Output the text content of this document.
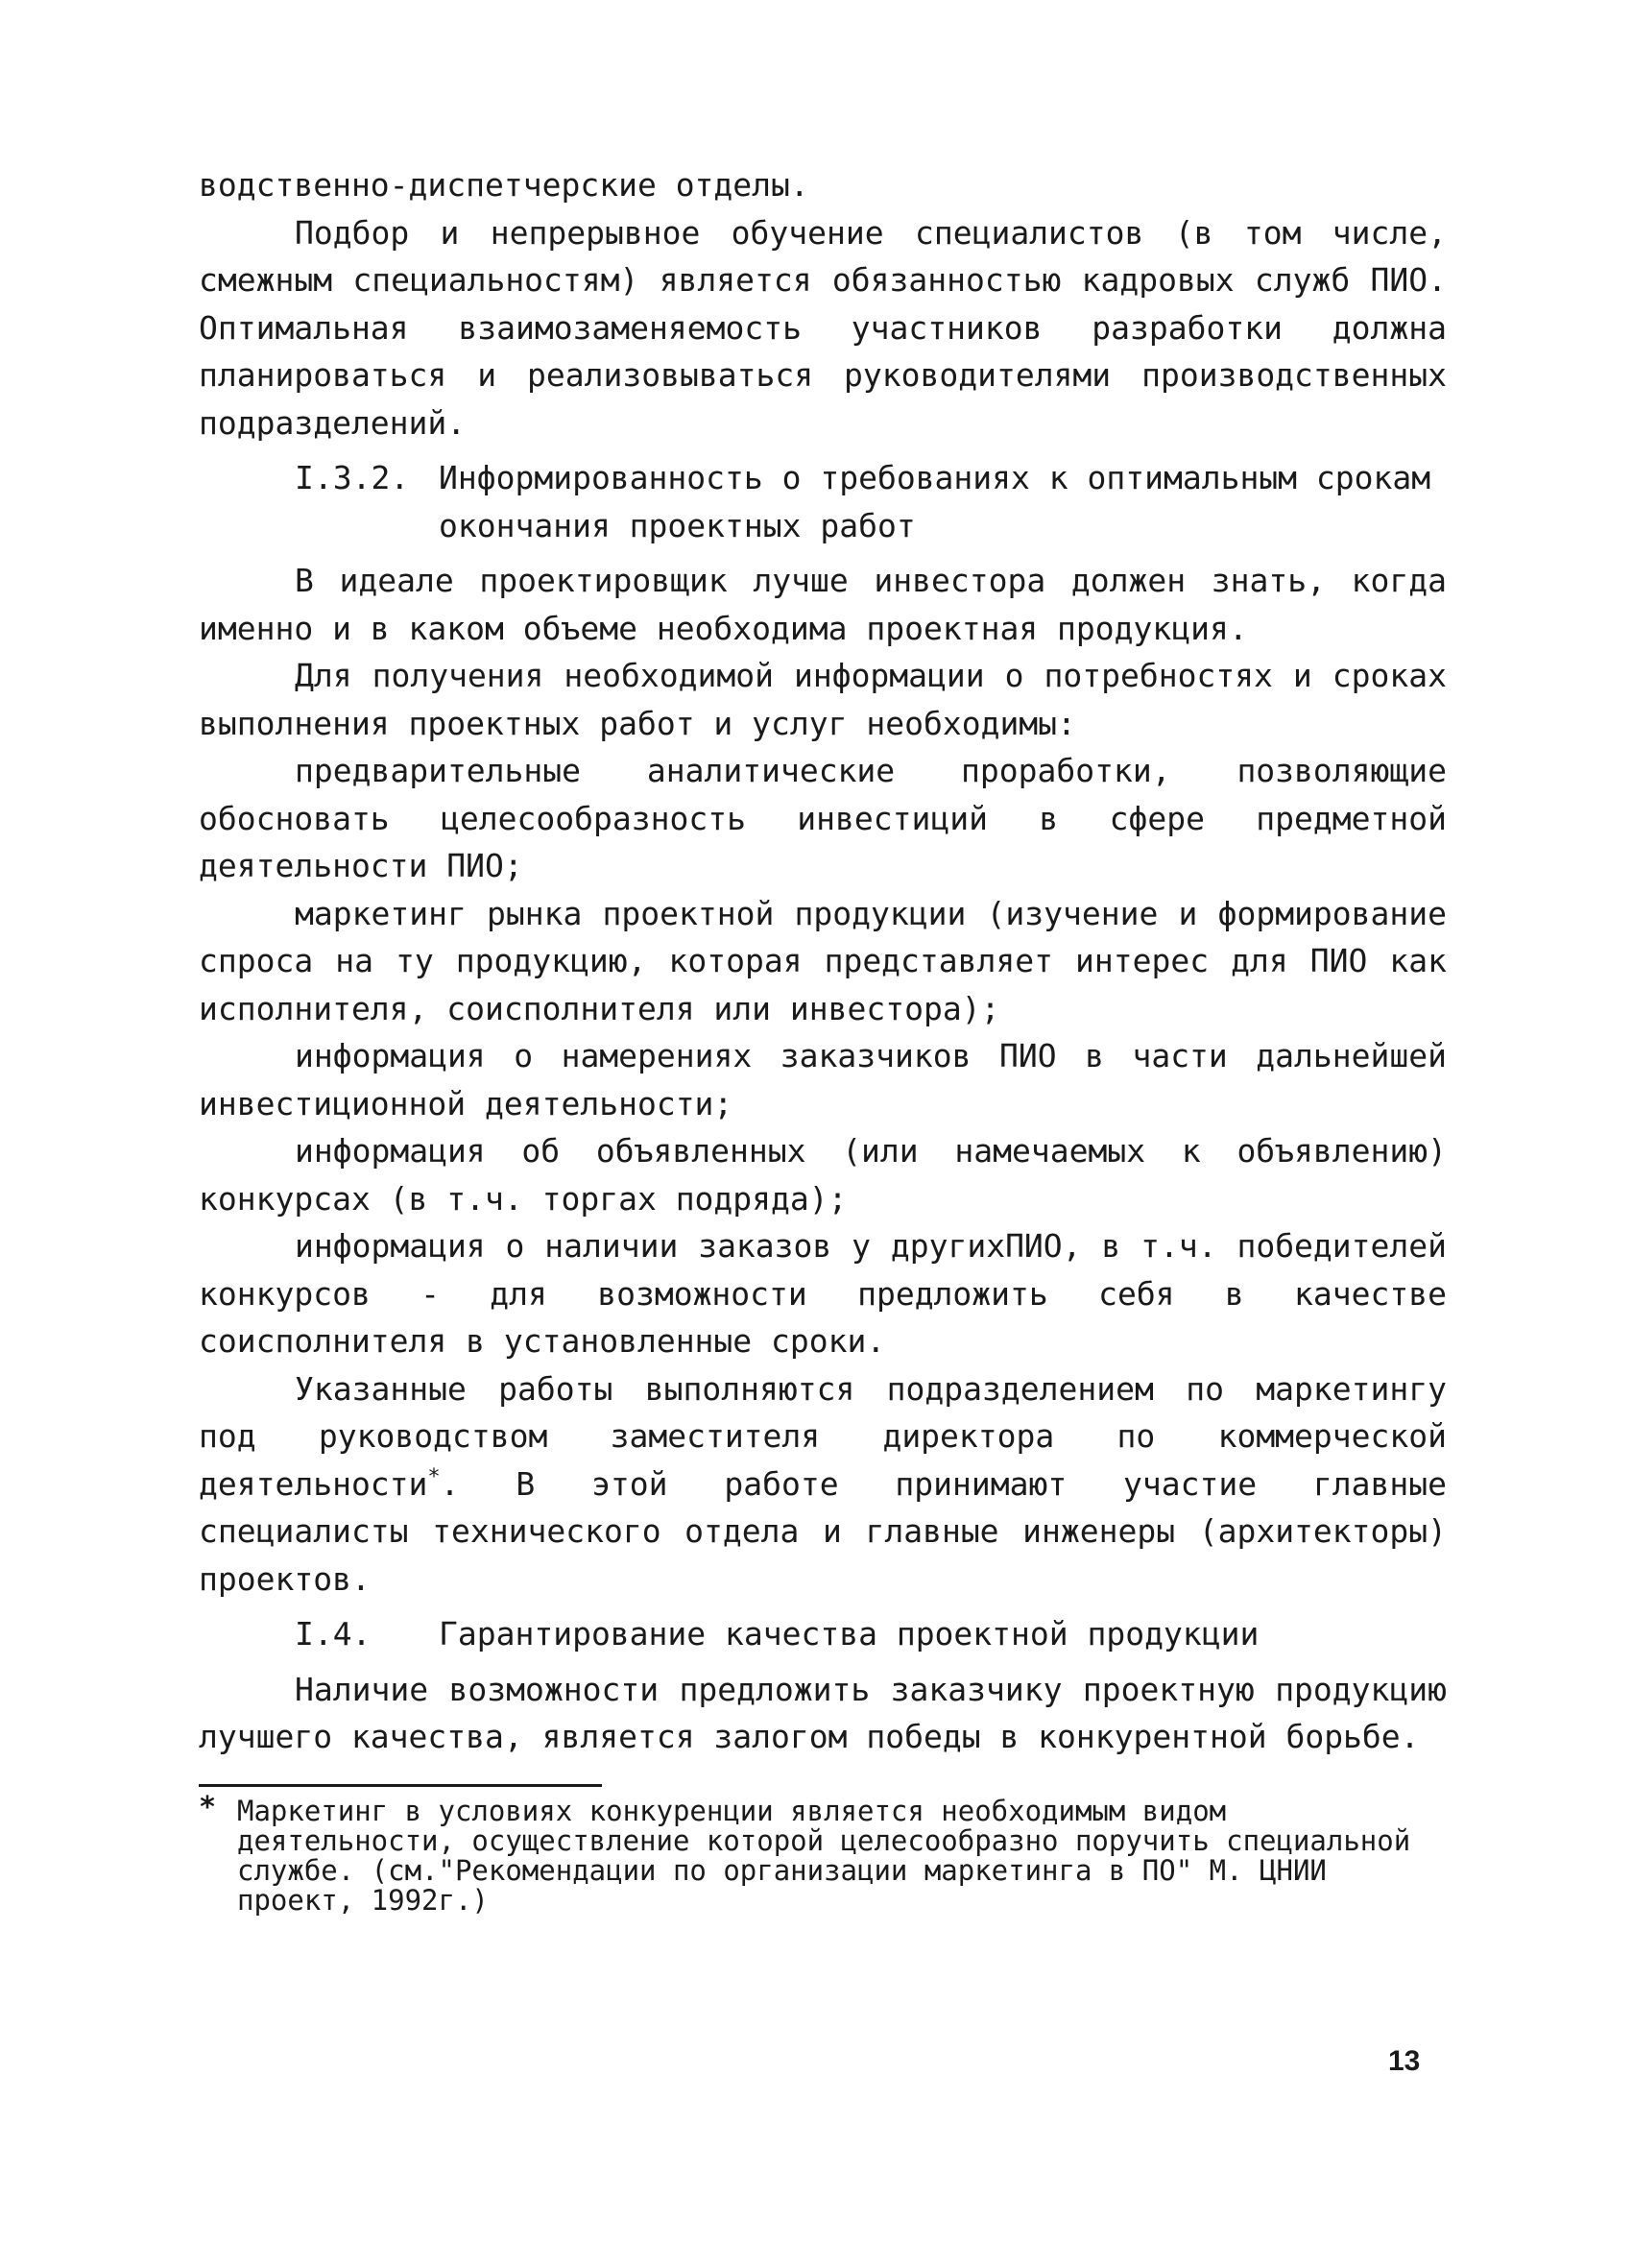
водственно-диспетчерские отделы.

Подбор и непрерывное обучение специалистов (в том числе, смежным специальностям) является обязанностью кадровых служб ПИО. Оптимальная взаимозаменяемость участников разработки должна планироваться и реализовываться руководителями производственных подразделений.

I.3.2. Информированность о требованиях к оптимальным срокам
окончания проектных работ

В идеале проектировщик лучше инвестора должен знать, когда именно и в каком объеме необходима проектная продукция.

Для получения необходимой информации о потребностях и сроках выполнения проектных работ и услуг необходимы:

предварительные аналитические проработки, позволяющие обосновать целесообразность инвестиций в сфере предметной деятельности ПИО;

маркетинг рынка проектной продукции (изучение и формирование спроса на ту продукцию, которая представляет интерес для ПИО как исполнителя, соисполнителя или инвестора);

информация о намерениях заказчиков ПИО в части дальнейшей инвестиционной деятельности;

информация об объявленных (или намечаемых к объявлению) конкурсах (в т.ч. торгах подряда);

информация о наличии заказов у другихПИО, в т.ч. победителей конкурсов - для возможности предложить себя в качестве соисполнителя в установленные сроки.

Указанные работы выполняются подразделением по маркетингу под руководством заместителя директора по коммерческой деятельности*. В этой работе принимают участие главные специалисты технического отдела и главные инженеры (архитекторы) проектов.

I.4. Гарантирование качества проектной продукции

Наличие возможности предложить заказчику проектную продукцию лучшего качества, является залогом победы в конкурентной борьбе.

* Маркетинг в условиях конкуренции является необходимым видом деятельности, осуществление которой целесообразно поручить специальной службе. (см."Рекомендации по организации маркетинга в ПО" М. ЦНИИ проект, 1992г.)

13
